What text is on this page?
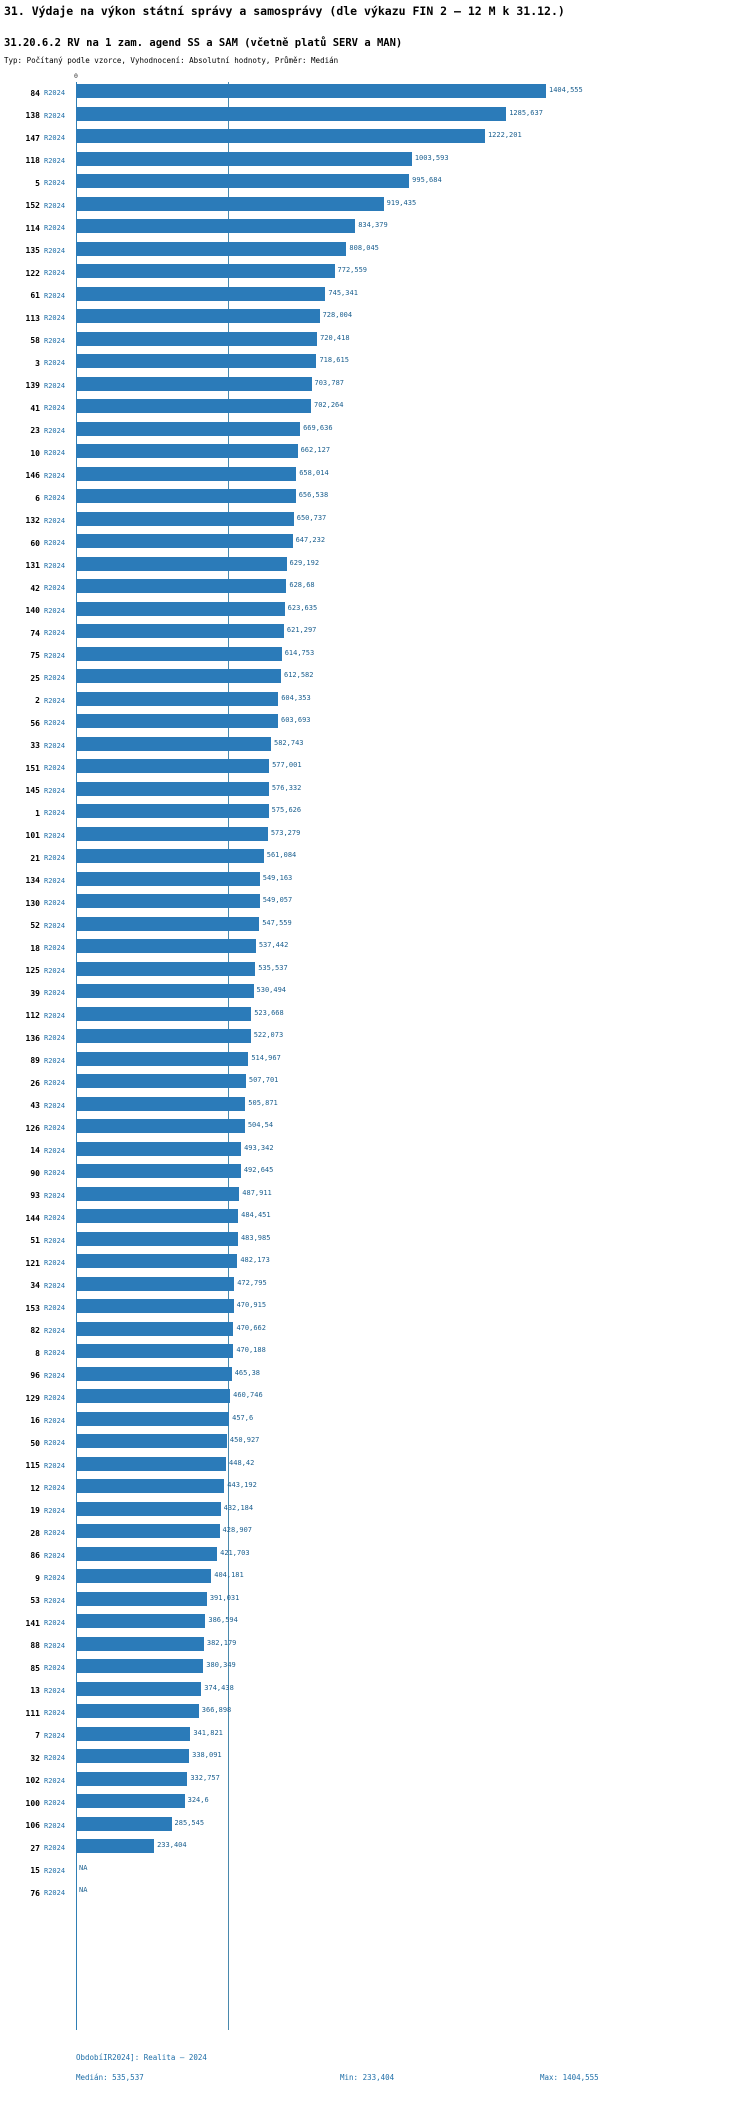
31. Výdaje na výkon státní správy a samosprávy (dle výkazu FIN 2 – 12 M k 31.12.)
31.20.6.2 RV na 1 zam. agend SS a SAM (včetně platů SERV a MAN)
Typ: Počítaný podle vzorce, Vyhodnocení: Absolutní hodnoty, Průměr: Medián
0
84 R2024	1404,555
138 R2024	1285,637
147 R2024	1222,201
118 R2024	1003,593
5 R2024	995,684
152 R2024	919,435
114 R2024	834,379
135 R2024	808,045
122 R2024	772,559
61 R2024	745,341
113 R2024	728,004
58 R2024	720,418
3 R2024	718,615
139 R2024	703,787
41 R2024	702,264
23 R2024	669,636
10 R2024	662,127
146 R2024	658,014
6 R2024	656,538
132 R2024	650,737
60 R2024	647,232
131 R2024	629,192
42 R2024	628,68
140 R2024	623,635
74 R2024	621,297
75 R2024	614,753
25 R2024	612,582
2 R2024	604,353
56 R2024	603,693
33 R2024	582,743
151 R2024	577,001
145 R2024	576,332
1 R2024	575,626
101 R2024	573,279
21 R2024	561,084
134 R2024	549,163
130 R2024	549,057
52 R2024	547,559
18 R2024	537,442
125 R2024	535,537
39 R2024	530,494
112 R2024	523,668
136 R2024	522,073
89 R2024	514,967
26 R2024	507,701
43 R2024	505,871
126 R2024	504,54
14 R2024	493,342
90 R2024	492,645
93 R2024	487,911
144 R2024	484,451
51 R2024	483,985
121 R2024	482,173
34 R2024	472,795
153 R2024	470,915
82 R2024	470,662
8 R2024	470,188
96 R2024	465,38
129 R2024	460,746
16 R2024	457,6
50 R2024	450,927
115 R2024	448,42
12 R2024	443,192
19 R2024	432,184
28 R2024	428,907
86 R2024	421,703
9 R2024	404,181
53 R2024	391,031
141 R2024	386,594
88 R2024	382,179
85 R2024	380,349
13 R2024	374,438
111 R2024	366,898
7 R2024	341,821
32 R2024	338,091
102 R2024	332,757
100 R2024	324,6
106 R2024	285,545
27 R2024	233,404
15 R2024	NA
76 R2024	NA
ObdobíIR2024]: Realita – 2024
Medián: 535,537	Min: 233,404	Max: 1404,555
